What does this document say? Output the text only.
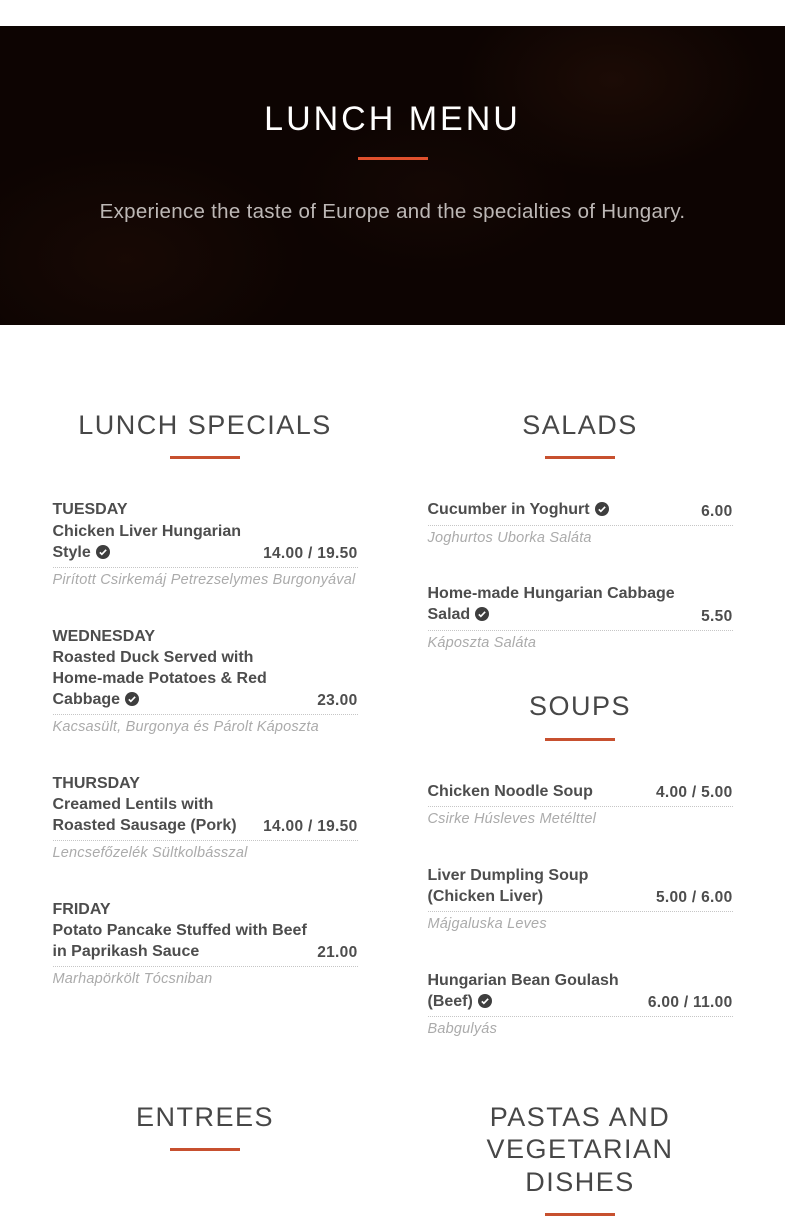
LUNCH MENU

Experience the taste of Europe and the specialties of Hungary.

LUNCH SPECIALS
TUESDAY
Chicken Liver Hungarian Style	14.00 / 19.50
Pirított Csirkemáj Petrezselymes Burgonyával
WEDNESDAY
Roasted Duck Served with Home-made Potatoes & Red Cabbage	23.00
Kacsasült, Burgonya és Párolt Káposzta
THURSDAY
Creamed Lentils with Roasted Sausage (Pork)	14.00 / 19.50
Lencsefőzelék Sültkolbásszal
FRIDAY
Potato Pancake Stuffed with Beef in Paprikash Sauce	21.00
Marhapörkölt Tócsniban
SALADS
Cucumber in Yoghurt	6.00
Joghurtos Uborka Saláta
Home-made Hungarian Cabbage Salad	5.50
Káposzta Saláta
SOUPS
Chicken Noodle Soup	4.00 / 5.00
Csirke Húsleves Metélttel
Liver Dumpling Soup (Chicken Liver)	5.00 / 6.00
Májgaluska Leves
Hungarian Bean Goulash (Beef)	6.00 / 11.00
Babgulyás
ENTREES	PASTAS AND VEGETARIAN DISHES
